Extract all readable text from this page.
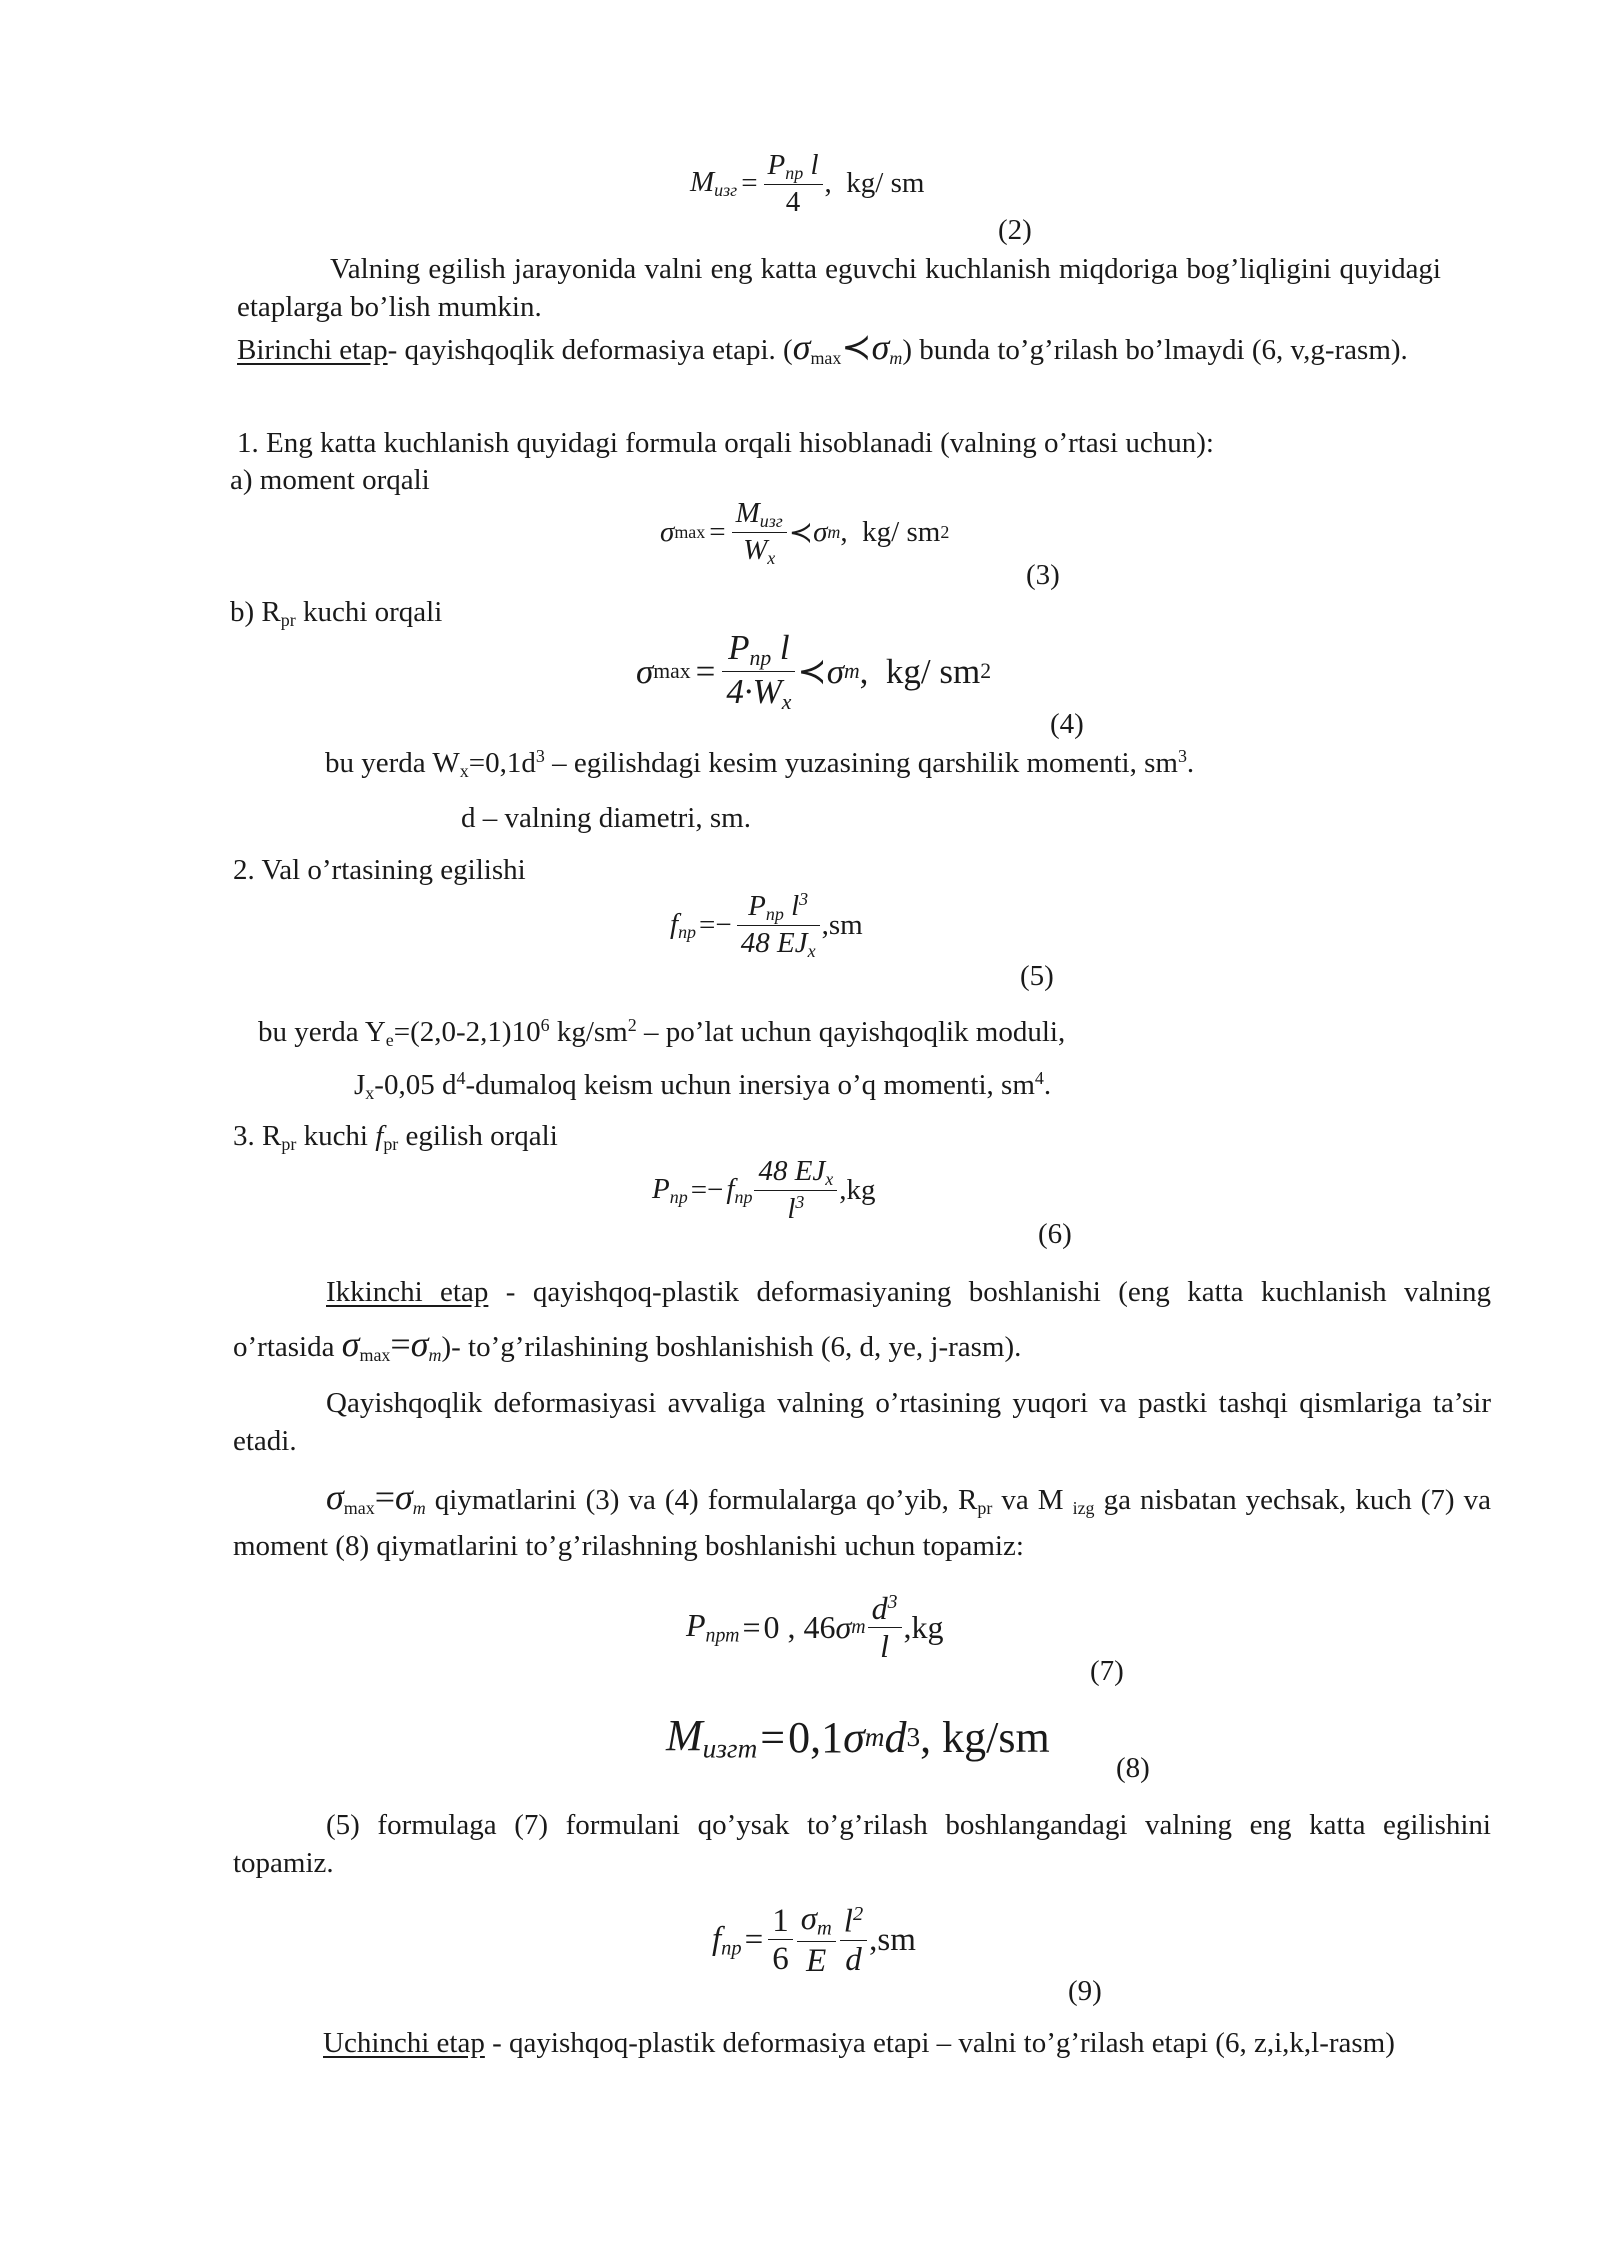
$M_{изг} = \frac{P_{пр} l}{4}$ , kg/ sm
(2)
Valning egilish jarayonida valni eng katta eguvchi kuchlanish miqdoriga bog’liqligini quyidagi etaplarga bo’lish mumkin.
Birinchi etap- qayishqoqlik deformasiya etapi. $(\sigma_{max}≺\sigma_m)$ bunda to’g’rilash bo’lmaydi (6, v,g-rasm).
1. Eng katta kuchlanish quyidagi formula orqali hisoblanadi (valning o’rtasi uchun):
a) moment orqali
σ $\max = \frac{M_{изг}}{W_x}$ ≺ σ m , kg/ sm 2
(3)
b) $R_{pr}$ kuchi orqali
σ $\max = \frac{P_{пр} l}{4\cdot W_x}$ ≺ σ m , kg/ sm 2
(4)
bu yerda $W_x=0,1d^3$ – egilishdagi kesim yuzasining qarshilik momenti, $sm^3$.
d – valning diametri, sm.
2. Val o’rtasining egilishi
$f_{пр} =- \frac{P_{пр} l^3}{48 EJ_x} ,sm$
(5)
bu yerda $Y_e=(2,0-2,1)10^6$ $kg/sm^2$ – po’lat uchun qayishqoqlik moduli,
$J_x-0,05$ $d^4$-dumaloq keism uchun inersiya o’q momenti, $sm^4$.
3. $R_{pr}$ kuchi $f_{pr}$ egilish orqali
$P_{пр} =- f_{пр} \frac{48 EJ_x}{l^3} ,kg$
(6)
Ikkinchi etap - qayishqoq-plastik deformasiyaning boshlanishi (eng katta kuchlanish valning o’rtasida $\sigma_{max}=\sigma_m)-$ to’g’rilashining boshlanishish (6, d, ye, j-rasm).
Qayishqoqlik deformasiyasi avvaliga valning o’rtasining yuqori va pastki tashqi qismlariga ta’sir etadi.
$\sigma_{max}=\sigma_m$ qiymatlarini (3) va (4) formulalarga qo’yib, $R_{pr}$ va M $_{izg}$ ga nisbatan yechsak, kuch (7) va moment (8) qiymatlarini to’g’rilashning boshlanishi uchun topamiz:
$P_{прт} = 0$ , 46 σ m $\frac{d^3}{l} ,kg$
(7)
$M_{изгт} = 0,1$ σ m d 3 , kg/sm
(8)
(5) formulaga (7) formulani qo’ysak to’g’rilash boshlangandagi valning eng katta egilishini topamiz.
$f_{пр} = \frac{1}{6} \frac{\sigma_m}{E} \frac{l^2}{d} ,sm$
(9)
Uchinchi etap - qayishqoq-plastik deformasiya etapi – valni to’g’rilash etapi (6, z,i,k,l-rasm)
